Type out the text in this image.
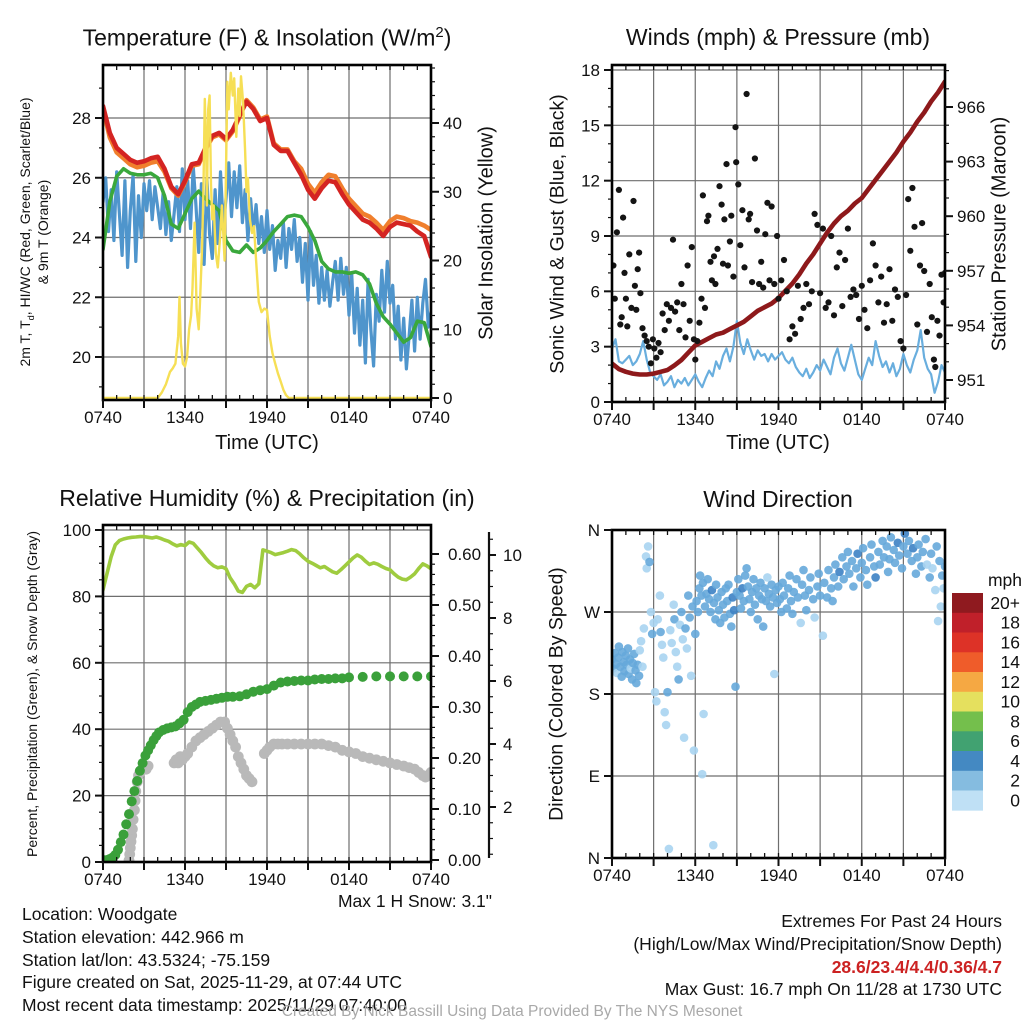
0740	1340	1940	0140	0740
20
22
24
26
28
0
10
20
30
40
0740	1340	1940	0140	0740
0
3
6
9
12
15
18
951
954
957
960
963
966
0740	1340	1940	0140	0740
0
20
40
60
80
100
0.00
0.10
0.20
0.30
0.40
0.50
0.60
2
4
6
8
10
0740	1340	1940	0140	0740
N
W
S
E
N
20+
18
16
14
12
10
8
6
4
2
0
mph
Temperature (F) & Insolation $(W/m^2)$	Winds (mph) & Pressure (mb)
Relative Humidity (%) & Precipitation (in)	Wind Direction
Time (UTC)	Time (UTC)
2m T, $T_d$, HI/WC (Red, Green, Scarlet/Blue) & 9m T (Orange)	Solar Insolation (Yellow)	Sonic Wind & Gust (Blue, Black)	Station Pressure (Maroon)
Percent, Precipitation (Green), & Snow Depth (Gray)	Direction (Colored By Speed)
Max 1 H Snow: 3.1"
Location: Woodgate
Station elevation: 442.966 m
Station lat/lon: 43.5324; -75.159
Figure created on Sat, 2025-11-29, at 07:44 UTC
Most recent data timestamp: 2025/11/29 07:40:00
Extremes For Past 24 Hours
(High/Low/Max Wind/Precipitation/Snow Depth)
28.6/23.4/4.4/0.36/4.7
Max Gust: 16.7 mph On 11/28 at 1730 UTC
Created By Nick Bassill Using Data Provided By The NYS Mesonet
